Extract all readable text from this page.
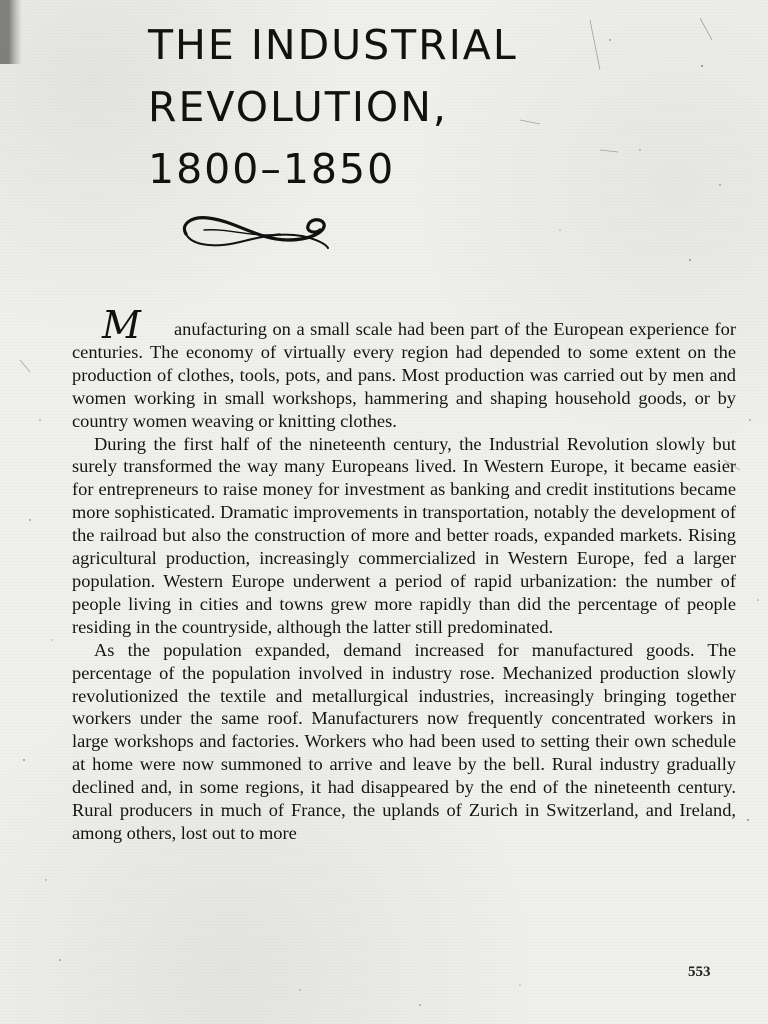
THE INDUSTRIAL
REVOLUTION,
1800–1850
M	anufacturing on a small scale had been part of the European experience for centuries. The economy of virtually every region had depended to some extent on the production of clothes, tools, pots, and pans. Most production was carried out by men and women working in small workshops, hammering and shaping household goods, or by country women weaving or knitting clothes.

During the first half of the nineteenth century, the Industrial Revolution slowly but surely transformed the way many Europeans lived. In Western Europe, it became easier for entrepreneurs to raise money for investment as banking and credit institutions became more sophisticated. Dramatic improvements in transportation, notably the development of the railroad but also the construction of more and better roads, expanded markets. Rising agricultural production, increasingly commercialized in Western Europe, fed a larger population. Western Europe underwent a period of rapid urbanization: the number of people living in cities and towns grew more rapidly than did the percentage of people residing in the countryside, although the latter still predominated.

As the population expanded, demand increased for manufactured goods. The percentage of the population involved in industry rose. Mechanized production slowly revolutionized the textile and metallurgical industries, increasingly bringing together workers under the same roof. Manufacturers now frequently concentrated workers in large workshops and factories. Workers who had been used to setting their own schedule at home were now summoned to arrive and leave by the bell. Rural industry gradually declined and, in some regions, it had disappeared by the end of the nineteenth century. Rural producers in much of France, the uplands of Zurich in Switzerland, and Ireland, among others, lost out to more

553
